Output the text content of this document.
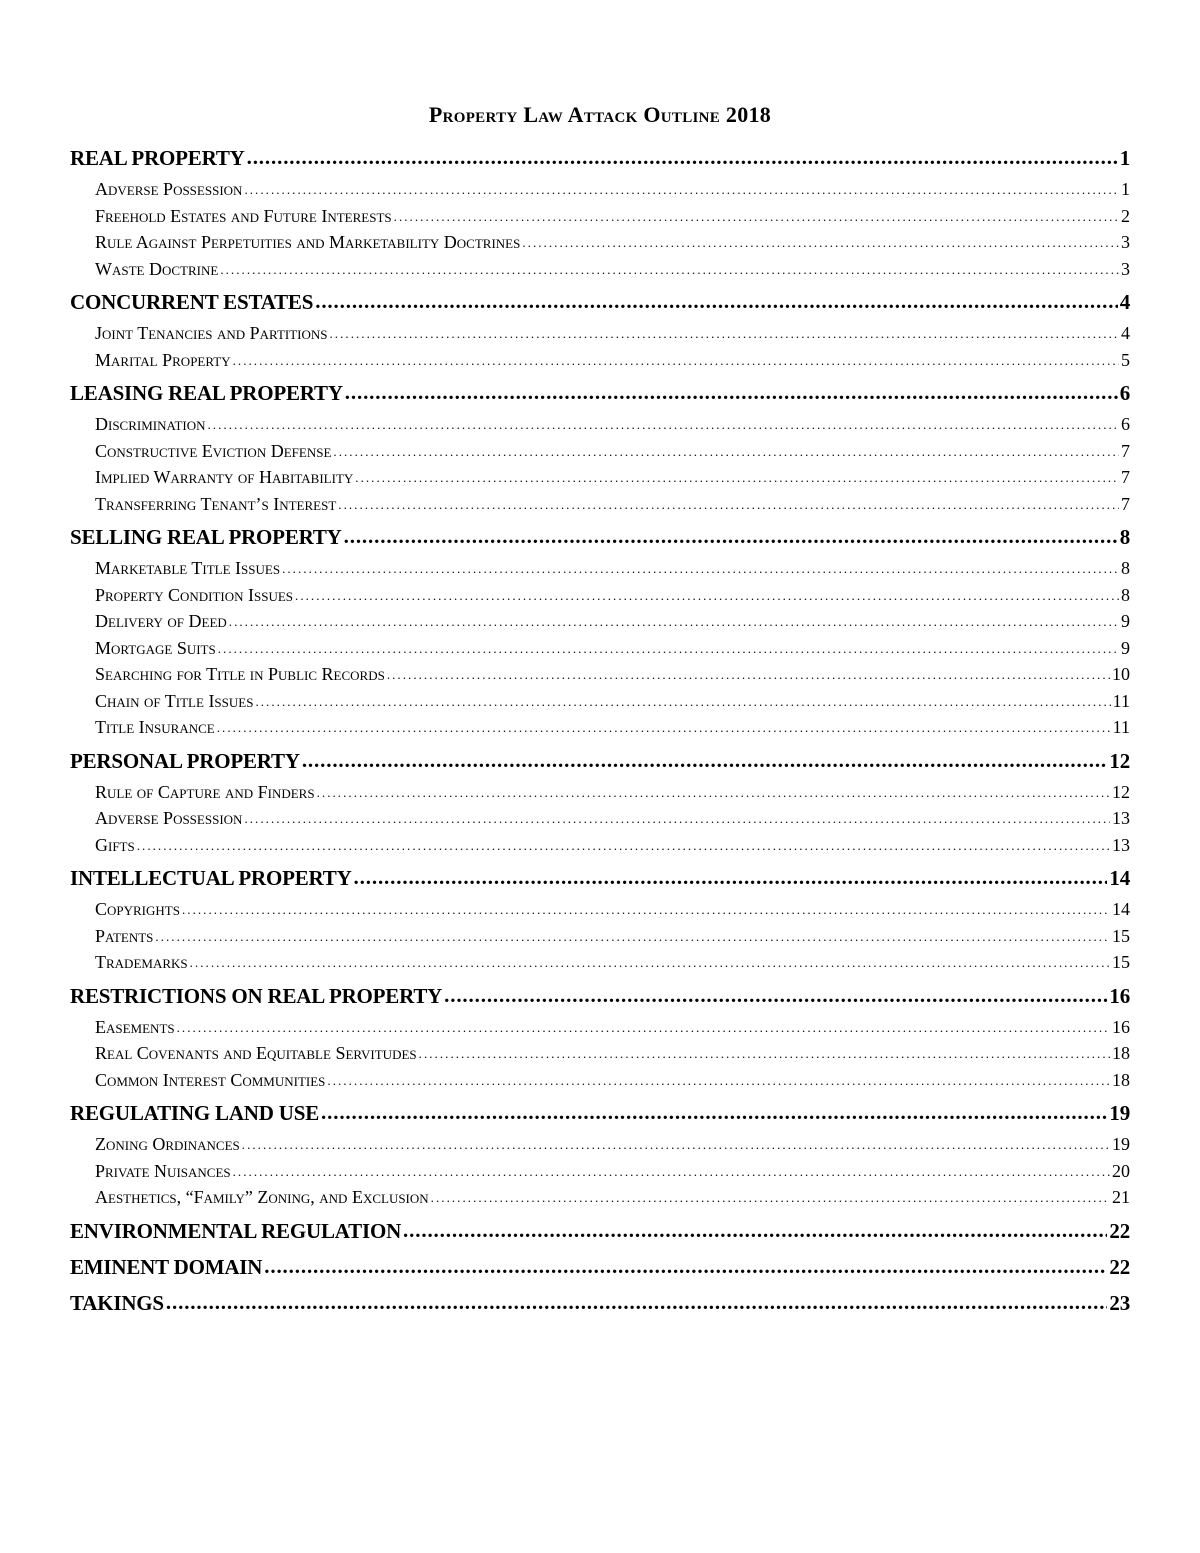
Property Law Attack Outline 2018
REAL PROPERTY . . .	1
Adverse Possession . . .	1
Freehold Estates and Future Interests . . .	2
Rule Against Perpetuities and Marketability Doctrines . . .	3
Waste Doctrine . . .	3
CONCURRENT ESTATES . . .	4
Joint Tenancies and Partitions . . .	4
Marital Property . . .	5
LEASING REAL PROPERTY . . .	6
Discrimination . . .	6
Constructive Eviction Defense . . .	7
Implied Warranty of Habitability . . .	7
Transferring Tenant’s Interest . . .	7
SELLING REAL PROPERTY . . .	8
Marketable Title Issues . . .	8
Property Condition Issues . . .	8
Delivery of Deed . . .	9
Mortgage Suits . . .	9
Searching for Title in Public Records . . .	10
Chain of Title Issues . . .	11
Title Insurance . . .	11
PERSONAL PROPERTY . . .	12
Rule of Capture and Finders . . .	12
Adverse Possession . . .	13
Gifts . . .	13
INTELLECTUAL PROPERTY . . .	14
Copyrights . . .	14
Patents . . .	15
Trademarks . . .	15
RESTRICTIONS ON REAL PROPERTY . . .	16
Easements . . .	16
Real Covenants and Equitable Servitudes . . .	18
Common Interest Communities . . .	18
REGULATING LAND USE . . .	19
Zoning Ordinances . . .	19
Private Nuisances . . .	20
Aesthetics, “Family” Zoning, and Exclusion . . .	21
ENVIRONMENTAL REGULATION . . .	22
EMINENT DOMAIN . . .	22
TAKINGS . . .	23
